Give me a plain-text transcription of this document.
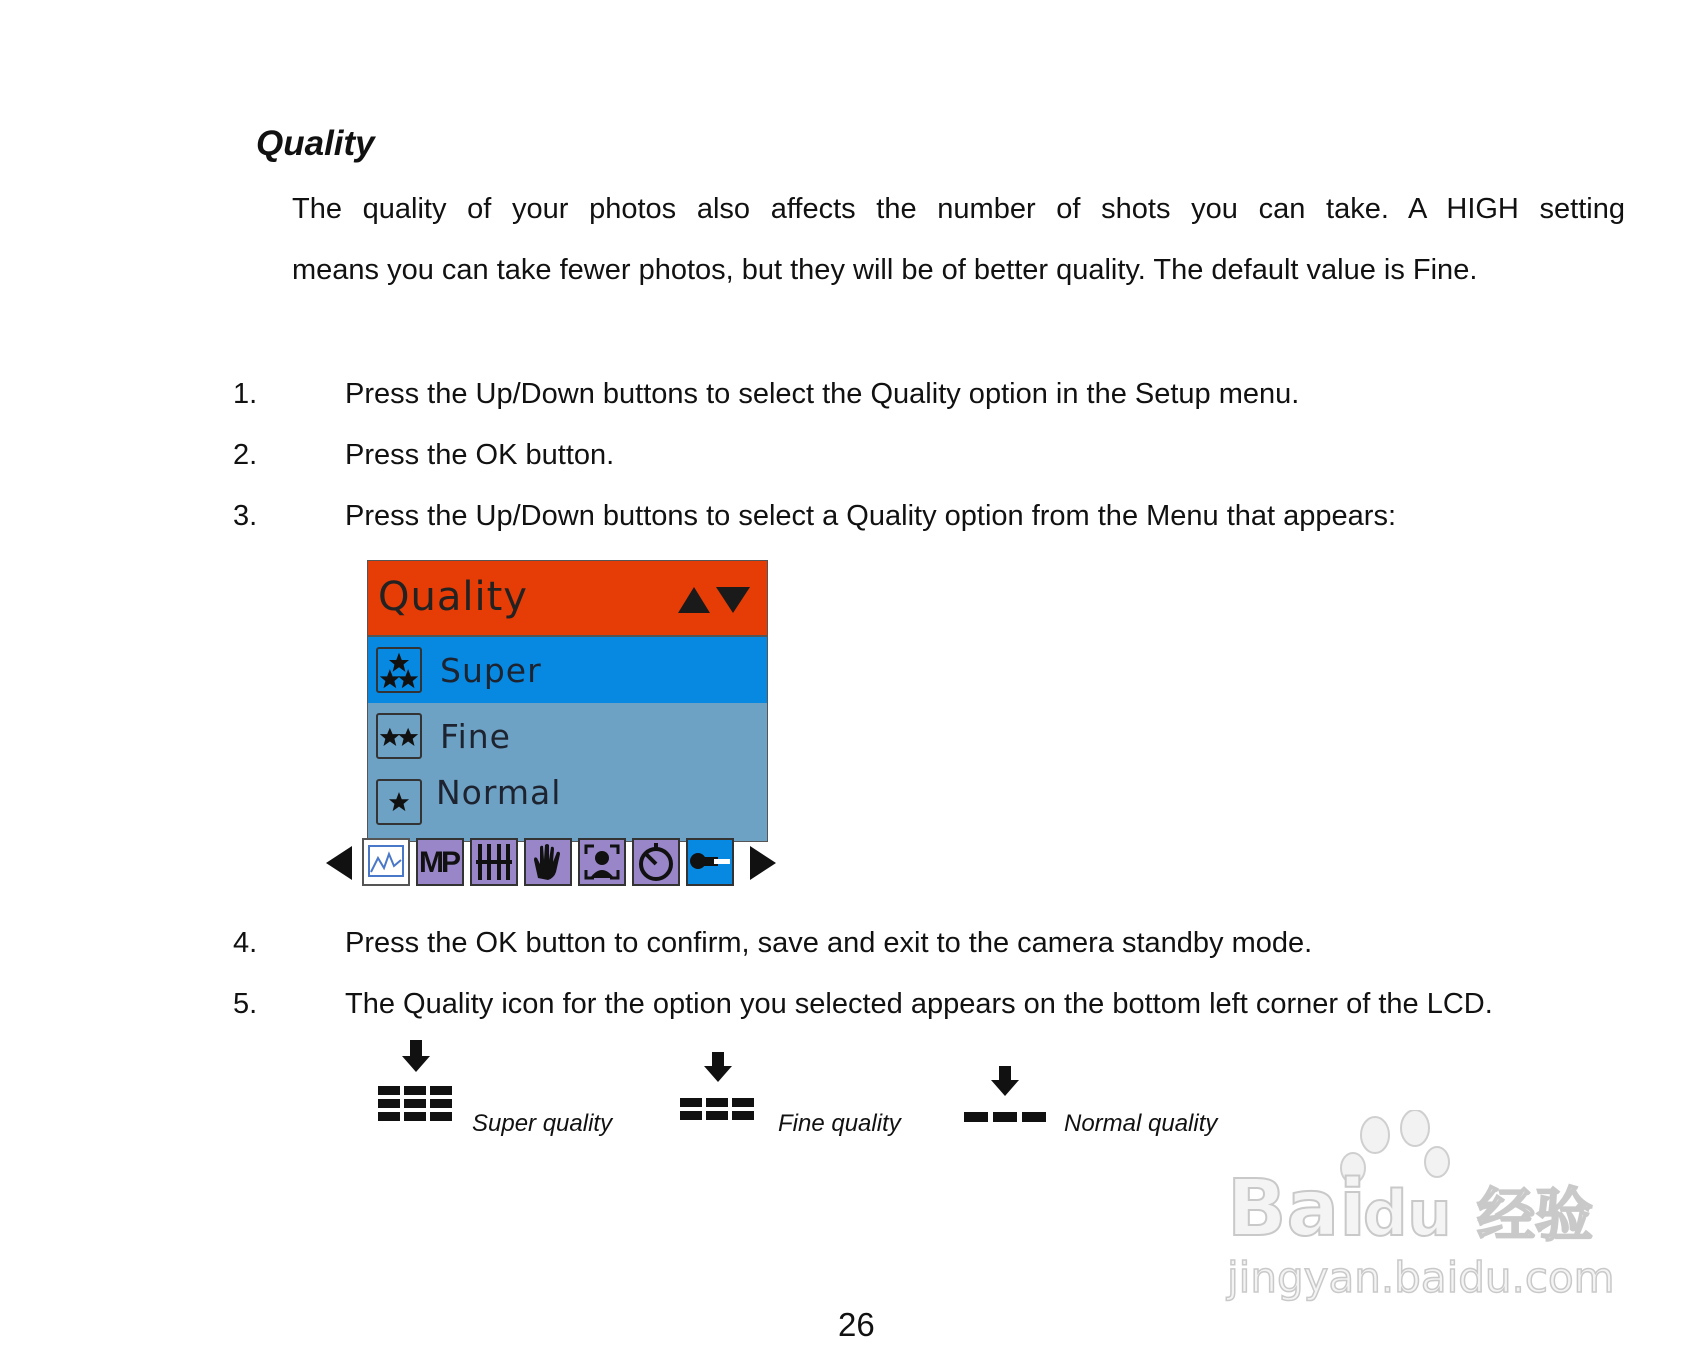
Quality

The quality of your photos also affects the number of shots you can take. A HIGH setting

means you can take fewer photos, but they will be of better quality. The default value is Fine.

1.	Press the Up/Down buttons to select the Quality option in the Setup menu.
2.	Press the OK button.
3.	Press the Up/Down buttons to select a Quality option from the Menu that appears:
Quality
Super
Fine
Normal
MP
4.	Press the OK button to confirm, save and exit to the camera standby mode.
5.	The Quality icon for the option you selected appears on the bottom left corner of the LCD.
Super quality	Fine quality	Normal quality
Bai
du 经验
jingyan.baidu.com
26
